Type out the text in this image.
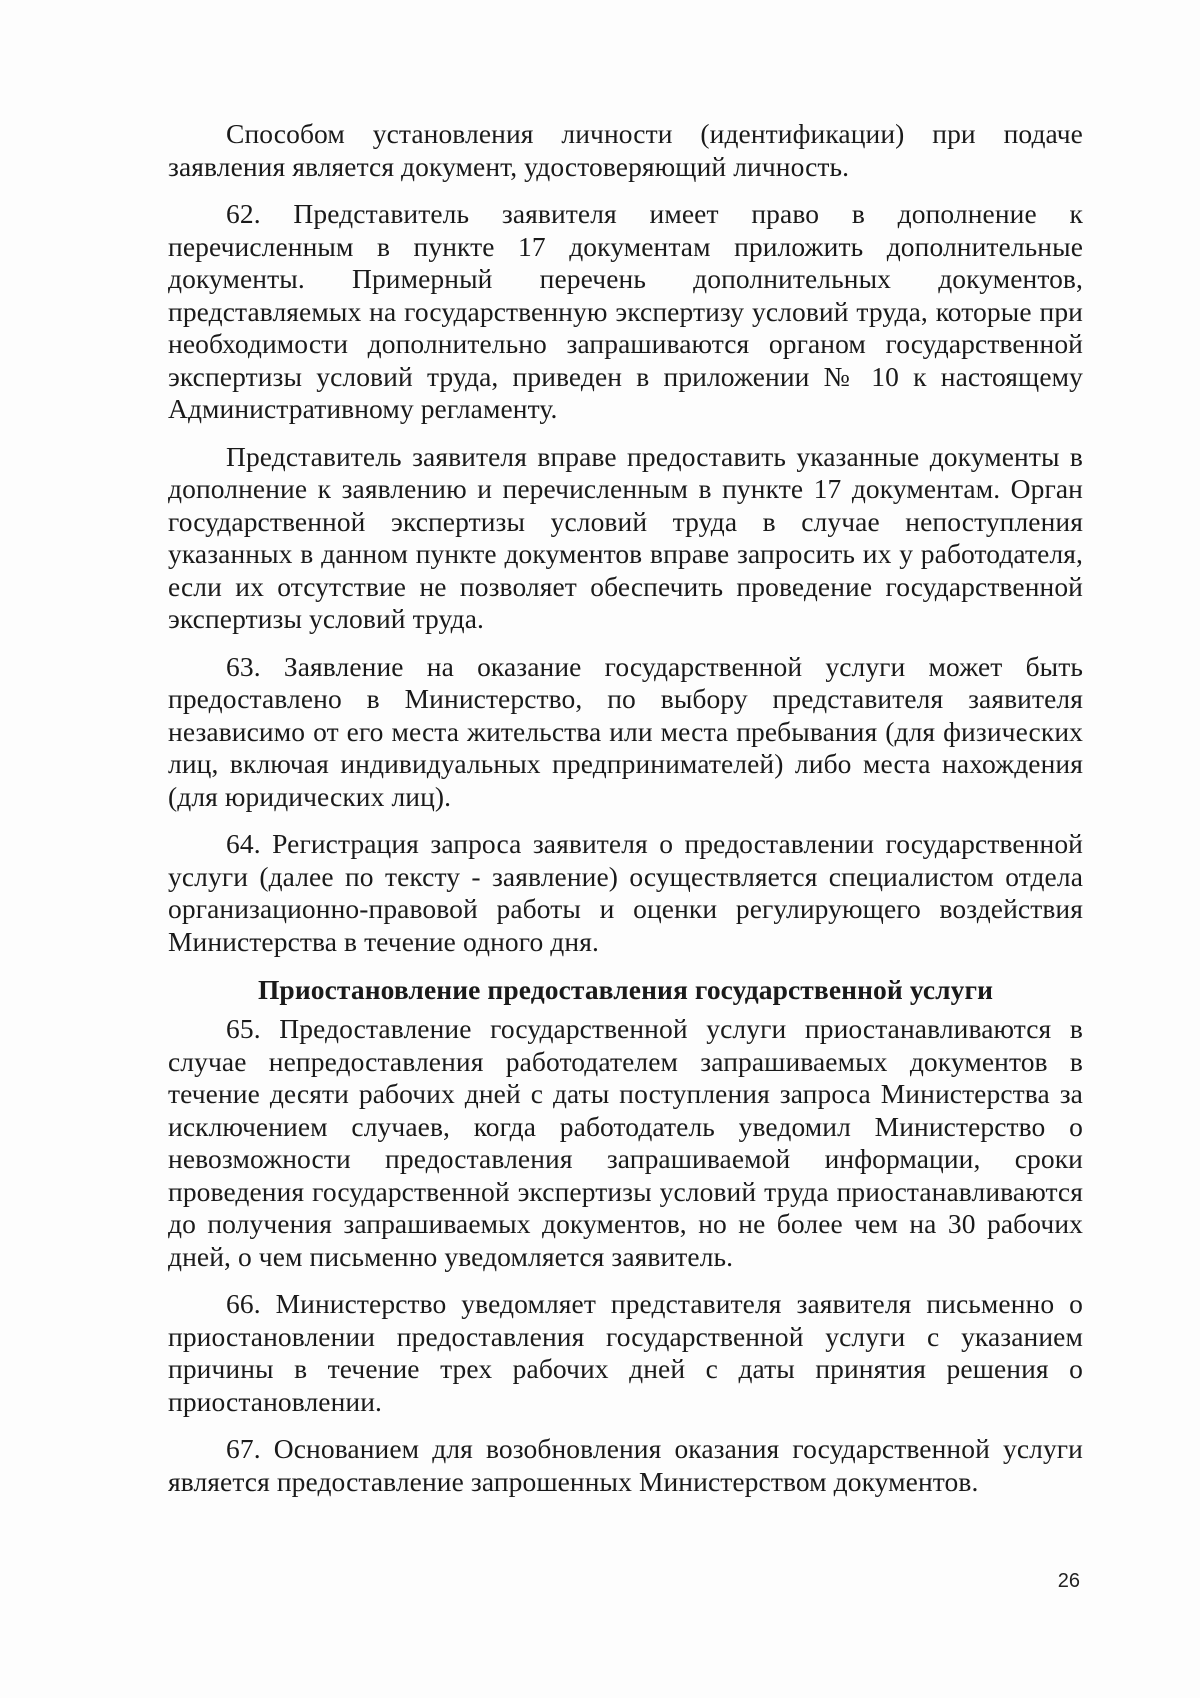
Способом установления личности (идентификации) при подаче заявления является документ, удостоверяющий личность.

62. Представитель заявителя имеет право в дополнение к перечисленным в пункте 17 документам приложить дополнительные документы. Примерный перечень дополнительных документов, представляемых на государственную экспертизу условий труда, которые при необходимости дополнительно запрашиваются органом государственной экспертизы условий труда, приведен в приложении № 10 к настоящему Административному регламенту.

Представитель заявителя вправе предоставить указанные документы в дополнение к заявлению и перечисленным в пункте 17 документам. Орган государственной экспертизы условий труда в случае непоступления указанных в данном пункте документов вправе запросить их у работодателя, если их отсутствие не позволяет обеспечить проведение государственной экспертизы условий труда.

63. Заявление на оказание государственной услуги может быть предоставлено в Министерство, по выбору представителя заявителя независимо от его места жительства или места пребывания (для физических лиц, включая индивидуальных предпринимателей) либо места нахождения (для юридических лиц).

64. Регистрация запроса заявителя о предоставлении государственной услуги (далее по тексту - заявление) осуществляется специалистом отдела организационно-правовой работы и оценки регулирующего воздействия Министерства в течение одного дня.

Приостановление предоставления государственной услуги

65. Предоставление государственной услуги приостанавливаются в случае непредоставления работодателем запрашиваемых документов в течение десяти рабочих дней с даты поступления запроса Министерства за исключением случаев, когда работодатель уведомил Министерство о невозможности предоставления запрашиваемой информации, сроки проведения государственной экспертизы условий труда приостанавливаются до получения запрашиваемых документов, но не более чем на 30 рабочих дней, о чем письменно уведомляется заявитель.

66. Министерство уведомляет представителя заявителя письменно о приостановлении предоставления государственной услуги с указанием причины в течение трех рабочих дней с даты принятия решения о приостановлении.

67. Основанием для возобновления оказания государственной услуги является предоставление запрошенных Министерством документов.

26
